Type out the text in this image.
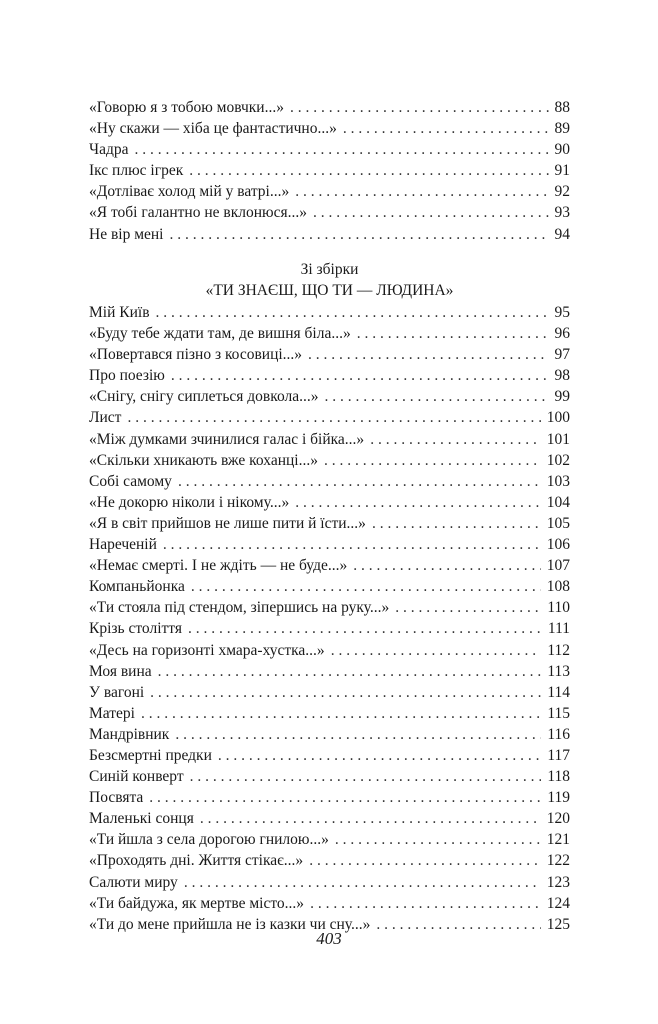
«Говорю я з тобою мовчки...» . . .	88
«Ну скажи — хіба це фантастично...» . . .	89
Чадра . . .	90
Ікс плюс ігрек . . .	91
«Дотліває холод мій у ватрі...» . . .	92
«Я тобі галантно не вклонюся...» . . .	93
Не вір мені . . .	94
Зі збірки
«ТИ ЗНАЄШ, ЩО ТИ — ЛЮДИНА»
Мій Київ . . .	95
«Буду тебе ждати там, де вишня біла...» . . .	96
«Повертався пізно з косовиці...» . . .	97
Про поезію . . .	98
«Снігу, снігу сиплеться довкола...» . . .	99
Лист . . .	100
«Між думками зчинилися галас і бійка...» . . .	101
«Скільки хникають вже коханці...» . . .	102
Собі самому . . .	103
«Не докорю ніколи і нікому...» . . .	104
«Я в світ прийшов не лише пити й їсти...» . . .	105
Нареченій . . .	106
«Немає смерті. І не ждіть — не буде...» . . .	107
Компаньйонка . . .	108
«Ти стояла під стендом, зіпершись на руку...» . . .	110
Крізь століття . . .	111
«Десь на горизонті хмара-хустка...» . . .	112
Моя вина . . .	113
У вагоні . . .	114
Матері . . .	115
Мандрівник . . .	116
Безсмертні предки . . .	117
Синій конверт . . .	118
Посвята . . .	119
Маленькі сонця . . .	120
«Ти йшла з села дорогою гнилою...» . . .	121
«Проходять дні. Життя стікає...» . . .	122
Салюти миру . . .	123
«Ти байдужа, як мертве місто...» . . .	124
«Ти до мене прийшла не із казки чи сну...» . . .	125
403
